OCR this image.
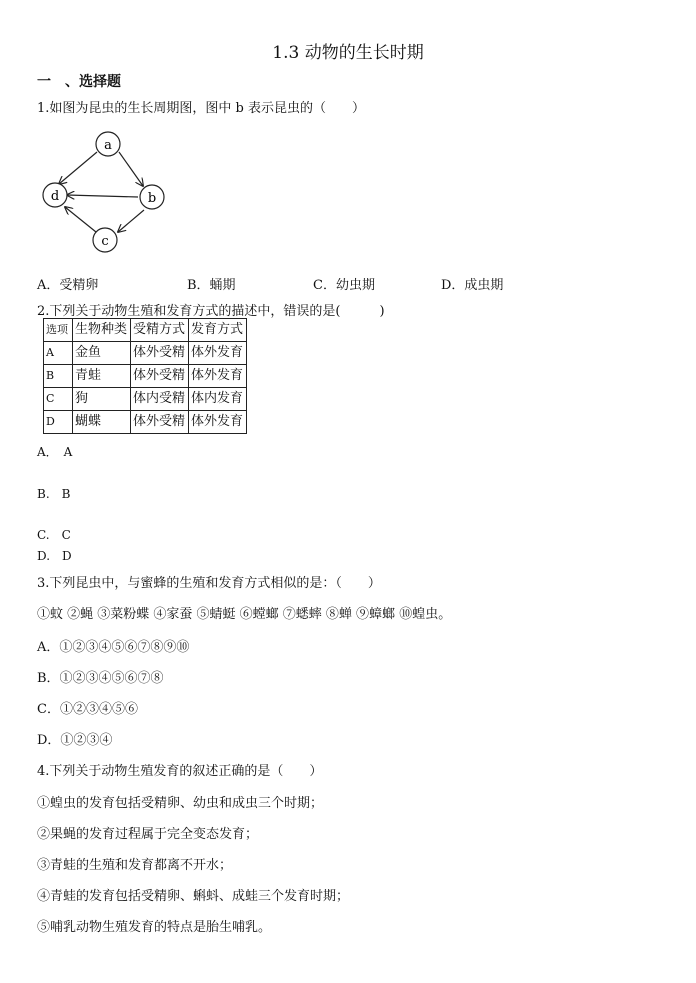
1.3 动物的生长时期
一　、选择题
1.如图为昆虫的生长周期图，图中 b 表示昆虫的（　　）
a
b
c
d
A．受精卵	B．蛹期	C．幼虫期	D．成虫期
2.下列关于动物生殖和发育方式的描述中，错误的是(　　　)
选项	生物种类	受精方式	发育方式
A	金鱼	体外受精	体外发育
B	青蛙	体外受精	体外发育
C	狗	体内受精	体内发育
D	蝴蝶	体外受精	体外发育
A．　A
B.　B
C.　C
D.　D
3.下列昆虫中，与蜜蜂的生殖和发育方式相似的是：（　　）
①蚊 ②蝇 ③菜粉蝶 ④家蚕 ⑤蜻蜓 ⑥螳螂 ⑦蟋蟀 ⑧蝉 ⑨蟑螂 ⑩蝗虫。
A．①②③④⑤⑥⑦⑧⑨⑩
B．①②③④⑤⑥⑦⑧
C．①②③④⑤⑥
D．①②③④
4.下列关于动物生殖发育的叙述正确的是（　　）
①蝗虫的发育包括受精卵、幼虫和成虫三个时期；
②果蝇的发育过程属于完全变态发育；
③青蛙的生殖和发育都离不开水；
④青蛙的发育包括受精卵、蝌蚪、成蛙三个发育时期；
⑤哺乳动物生殖发育的特点是胎生哺乳。
